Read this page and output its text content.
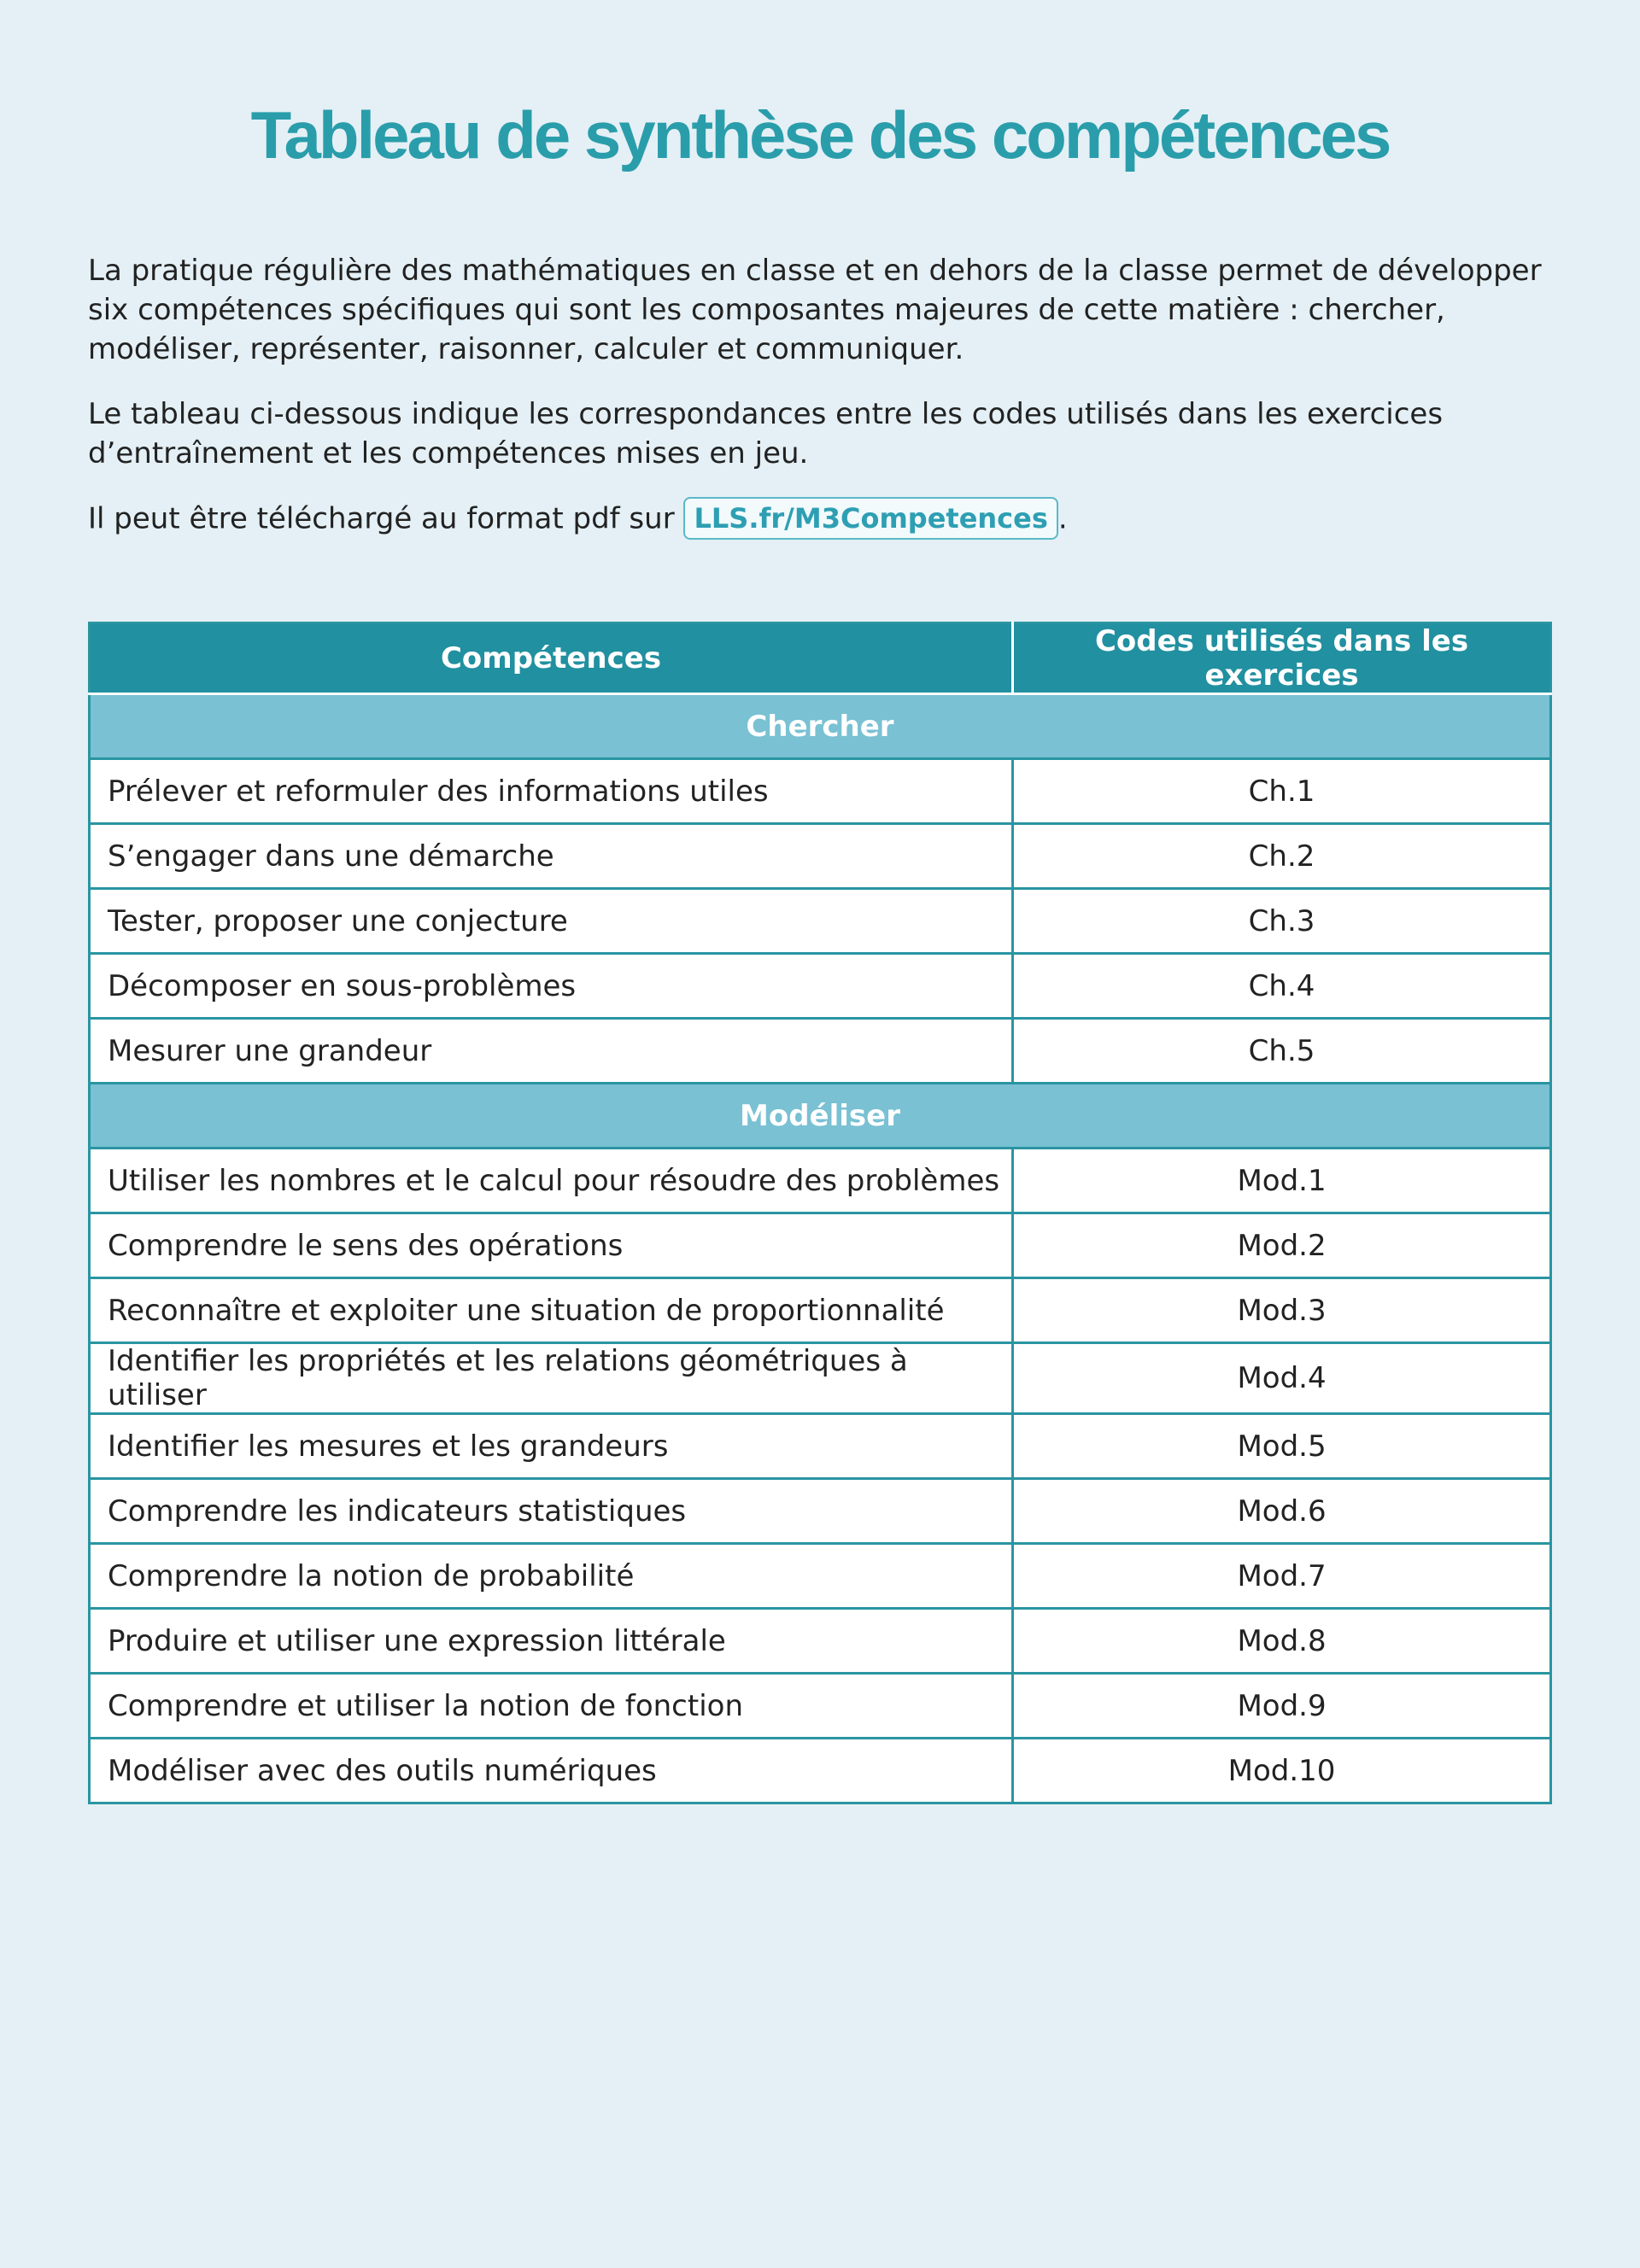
Tableau de synthèse des compétences

La pratique régulière des mathématiques en classe et en dehors de la classe permet de développer six compétences spécifiques qui sont les composantes majeures de cette matière : chercher, modéliser, représenter, raisonner, calculer et communiquer.

Le tableau ci-dessous indique les correspondances entre les codes utilisés dans les exercices d’entraînement et les compétences mises en jeu.

Il peut être téléchargé au format pdf sur LLS.fr/M3Competences .

Compétences	Codes utilisés dans les exercices
Chercher	
Prélever et reformuler des informations utiles	Ch.1
S’engager dans une démarche	Ch.2
Tester, proposer une conjecture	Ch.3
Décomposer en sous-problèmes	Ch.4
Mesurer une grandeur	Ch.5
Modéliser	
Utiliser les nombres et le calcul pour résoudre des problèmes	Mod.1
Comprendre le sens des opérations	Mod.2
Reconnaître et exploiter une situation de proportionnalité	Mod.3
Identifier les propriétés et les relations géométriques à utiliser	Mod.4
Identifier les mesures et les grandeurs	Mod.5
Comprendre les indicateurs statistiques	Mod.6
Comprendre la notion de probabilité	Mod.7
Produire et utiliser une expression littérale	Mod.8
Comprendre et utiliser la notion de fonction	Mod.9
Modéliser avec des outils numériques	Mod.10
